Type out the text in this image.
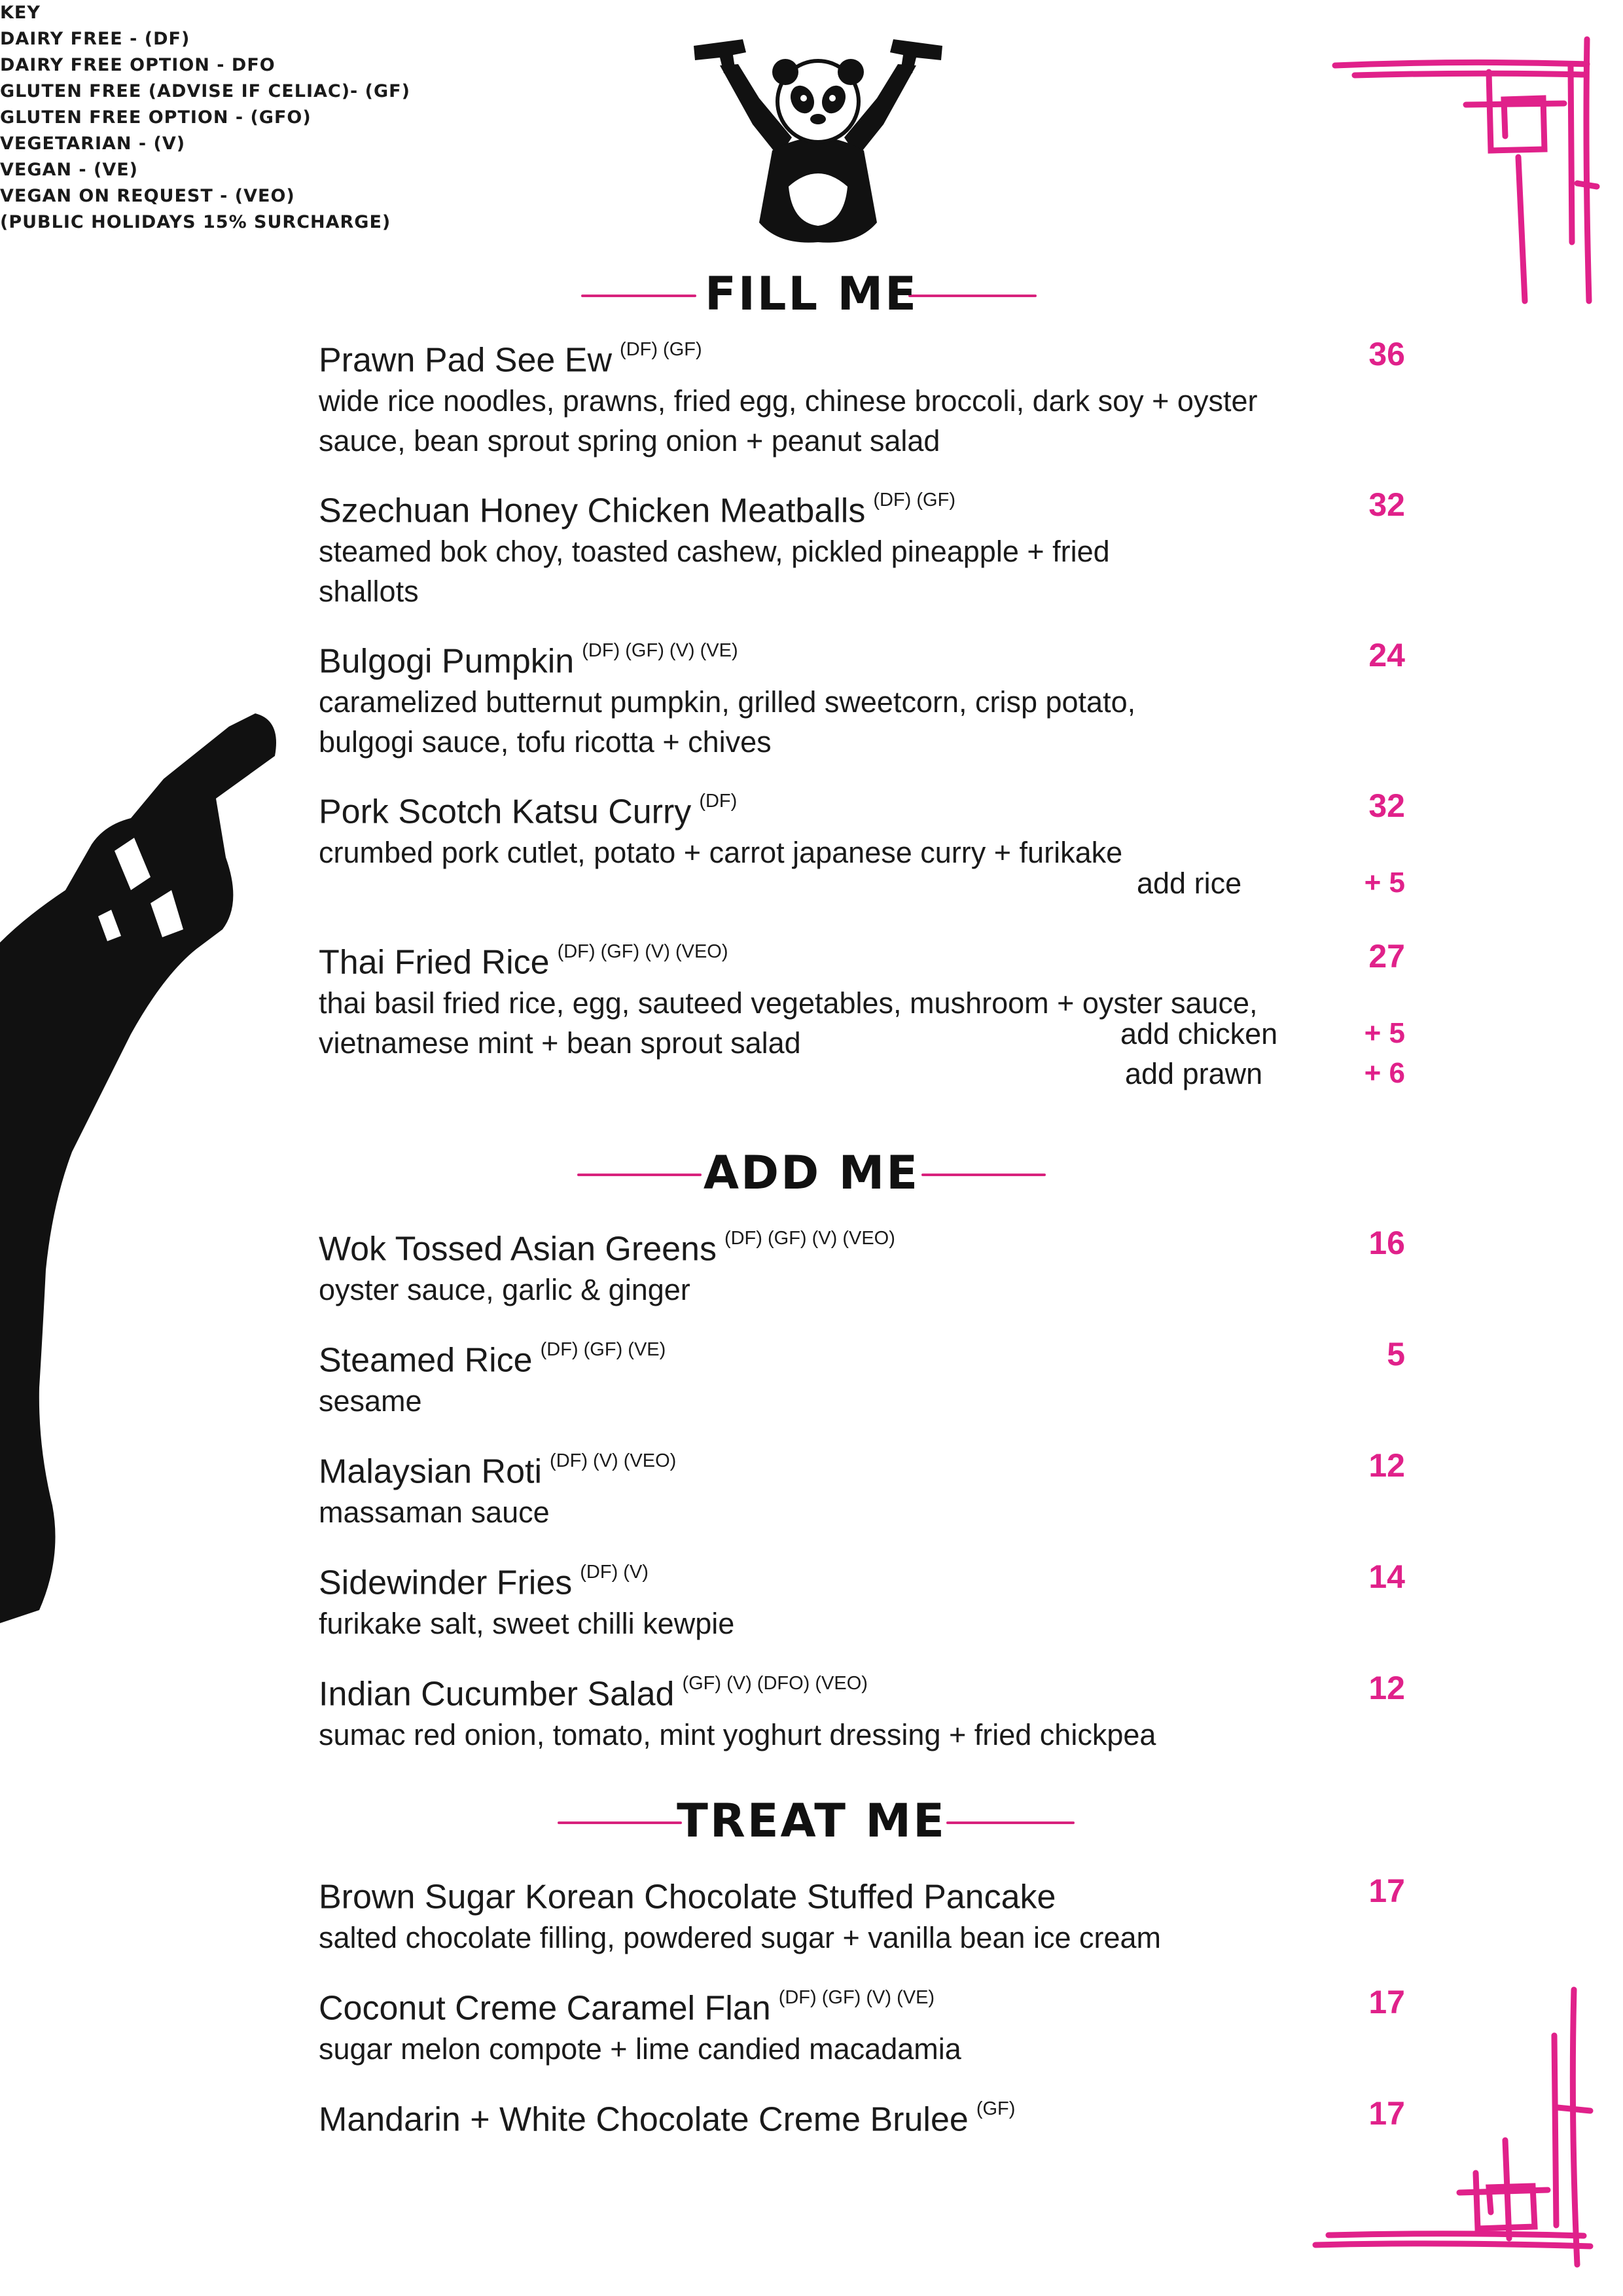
KEY
DAIRY FREE - (DF)
DAIRY FREE OPTION - DFO
GLUTEN FREE (ADVISE IF CELIAC)- (GF)
GLUTEN FREE OPTION - (GFO)
VEGETARIAN - (V)
VEGAN - (VE)
VEGAN ON REQUEST - (VEO)
(PUBLIC HOLIDAYS 15% SURCHARGE)
FILL ME
Prawn Pad See Ew $^{(DF) (GF)}$
wide rice noodles, prawns, fried egg, chinese broccoli, dark soy + oyster
sauce, bean sprout spring onion + peanut salad
36
Szechuan Honey Chicken Meatballs $^{(DF) (GF)}$
steamed bok choy, toasted cashew, pickled pineapple + fried
shallots
32
Bulgogi Pumpkin $^{(DF) (GF) (V) (VE)}$
caramelized butternut pumpkin, grilled sweetcorn, crisp potato,
bulgogi sauce, tofu ricotta + chives
24
Pork Scotch Katsu Curry $^{(DF)}$
crumbed pork cutlet, potato + carrot japanese curry + furikake
32
add rice	+ 5
Thai Fried Rice $^{(DF) (GF) (V) (VEO)}$
thai basil fried rice, egg, sauteed vegetables, mushroom + oyster sauce,
vietnamese mint + bean sprout salad
27
add chicken	+ 5
add prawn	+ 6
ADD ME
Wok Tossed Asian Greens $^{(DF) (GF) (V) (VEO)}$
oyster sauce, garlic & ginger
16
Steamed Rice $^{(DF) (GF) (VE)}$
sesame
5
Malaysian Roti $^{(DF) (V) (VEO)}$
massaman sauce
12
Sidewinder Fries $^{(DF) (V)}$
furikake salt, sweet chilli kewpie
14
Indian Cucumber Salad $^{(GF) (V) (DFO) (VEO)}$
sumac red onion, tomato, mint yoghurt dressing + fried chickpea
12
TREAT ME
Brown Sugar Korean Chocolate Stuffed Pancake
salted chocolate filling, powdered sugar + vanilla bean ice cream
17
Coconut Creme Caramel Flan $^{(DF) (GF) (V) (VE)}$
sugar melon compote + lime candied macadamia
17
Mandarin + White Chocolate Creme Brulee $^{(GF)}$	17
